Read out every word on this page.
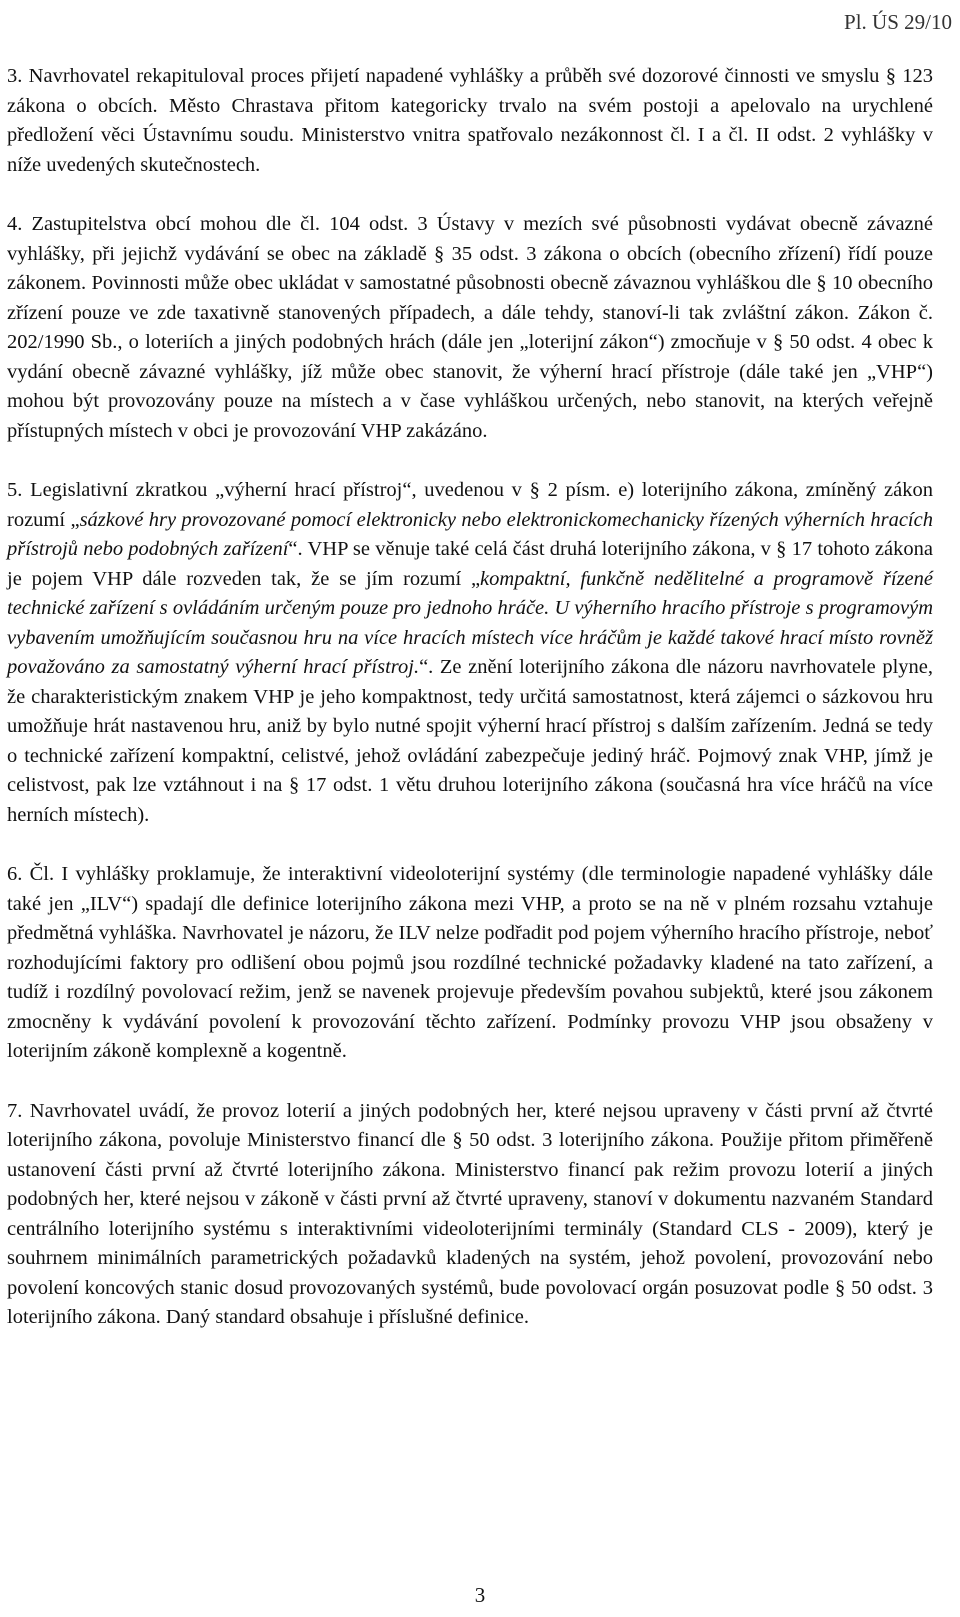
Pl. ÚS 29/10

3. Navrhovatel rekapituloval proces přijetí napadené vyhlášky a průběh své dozorové činnosti ve smyslu § 123 zákona o obcích. Město Chrastava přitom kategoricky trvalo na svém postoji a apelovalo na urychlené předložení věci Ústavnímu soudu. Ministerstvo vnitra spatřovalo nezákonnost čl. I a čl. II odst. 2 vyhlášky v níže uvedených skutečnostech.

4. Zastupitelstva obcí mohou dle čl. 104 odst. 3 Ústavy v mezích své působnosti vydávat obecně závazné vyhlášky, při jejichž vydávání se obec na základě § 35 odst. 3 zákona o obcích (obecního zřízení) řídí pouze zákonem. Povinnosti může obec ukládat v samostatné působnosti obecně závaznou vyhláškou dle § 10 obecního zřízení pouze ve zde taxativně stanovených případech, a dále tehdy, stanoví-li tak zvláštní zákon. Zákon č. 202/1990 Sb., o loteriích a jiných podobných hrách (dále jen „loterijní zákon“) zmocňuje v § 50 odst. 4 obec k vydání obecně závazné vyhlášky, jíž může obec stanovit, že výherní hrací přístroje (dále také jen „VHP“) mohou být provozovány pouze na místech a v čase vyhláškou určených, nebo stanovit, na kterých veřejně přístupných místech v obci je provozování VHP zakázáno.

5. Legislativní zkratkou „výherní hrací přístroj“, uvedenou v § 2 písm. e) loterijního zákona, zmíněný zákon rozumí „sázkové hry provozované pomocí elektronicky nebo elektronickomechanicky řízených výherních hracích přístrojů nebo podobných zařízení“. VHP se věnuje také celá část druhá loterijního zákona, v § 17 tohoto zákona je pojem VHP dále rozveden tak, že se jím rozumí „kompaktní, funkčně nedělitelné a programově řízené technické zařízení s ovládáním určeným pouze pro jednoho hráče. U výherního hracího přístroje s programovým vybavením umožňujícím současnou hru na více hracích místech více hráčům je každé takové hrací místo rovněž považováno za samostatný výherní hrací přístroj.“. Ze znění loterijního zákona dle názoru navrhovatele plyne, že charakteristickým znakem VHP je jeho kompaktnost, tedy určitá samostatnost, která zájemci o sázkovou hru umožňuje hrát nastavenou hru, aniž by bylo nutné spojit výherní hrací přístroj s dalším zařízením. Jedná se tedy o technické zařízení kompaktní, celistvé, jehož ovládání zabezpečuje jediný hráč. Pojmový znak VHP, jímž je celistvost, pak lze vztáhnout i na § 17 odst. 1 větu druhou loterijního zákona (současná hra více hráčů na více herních místech).

6. Čl. I vyhlášky proklamuje, že interaktivní videoloterijní systémy (dle terminologie napadené vyhlášky dále také jen „ILV“) spadají dle definice loterijního zákona mezi VHP, a proto se na ně v plném rozsahu vztahuje předmětná vyhláška. Navrhovatel je názoru, že ILV nelze podřadit pod pojem výherního hracího přístroje, neboť rozhodujícími faktory pro odlišení obou pojmů jsou rozdílné technické požadavky kladené na tato zařízení, a tudíž i rozdílný povolovací režim, jenž se navenek projevuje především povahou subjektů, které jsou zákonem zmocněny k vydávání povolení k provozování těchto zařízení. Podmínky provozu VHP jsou obsaženy v loterijním zákoně komplexně a kogentně.

7. Navrhovatel uvádí, že provoz loterií a jiných podobných her, které nejsou upraveny v části první až čtvrté loterijního zákona, povoluje Ministerstvo financí dle § 50 odst. 3 loterijního zákona. Použije přitom přiměřeně ustanovení části první až čtvrté loterijního zákona. Ministerstvo financí pak režim provozu loterií a jiných podobných her, které nejsou v zákoně v části první až čtvrté upraveny, stanoví v dokumentu nazvaném Standard centrálního loterijního systému s interaktivními videoloterijními terminály (Standard CLS - 2009), který je souhrnem minimálních parametrických požadavků kladených na systém, jehož povolení, provozování nebo povolení koncových stanic dosud provozovaných systémů, bude povolovací orgán posuzovat podle § 50 odst. 3 loterijního zákona. Daný standard obsahuje i příslušné definice.

3
